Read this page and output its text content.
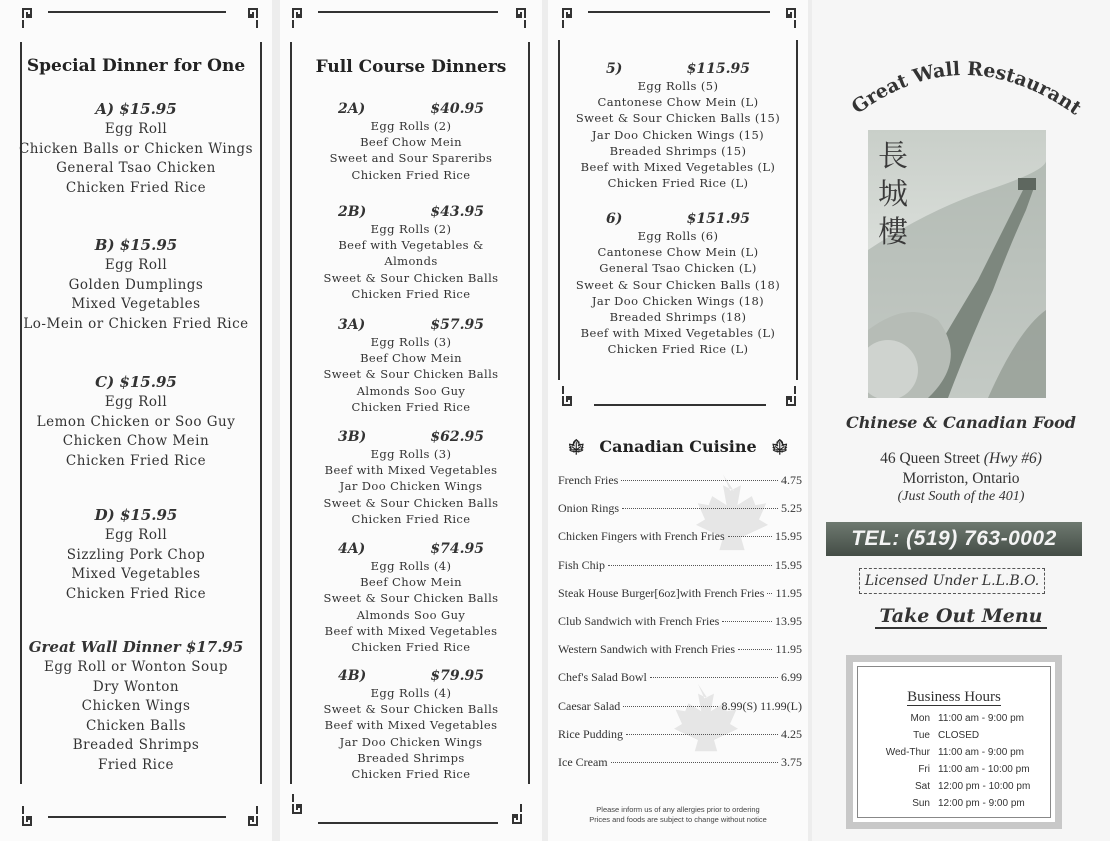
Special Dinner for One
A) $15.95
Egg Roll
Chicken Balls or Chicken Wings
General Tsao Chicken
Chicken Fried Rice
B) $15.95
Egg Roll
Golden Dumplings
Mixed Vegetables
Lo-Mein or Chicken Fried Rice
C) $15.95
Egg Roll
Lemon Chicken or Soo Guy
Chicken Chow Mein
Chicken Fried Rice
D) $15.95
Egg Roll
Sizzling Pork Chop
Mixed Vegetables
Chicken Fried Rice
Great Wall Dinner $17.95
Egg Roll or Wonton Soup
Dry Wonton
Chicken Wings
Chicken Balls
Breaded Shrimps
Fried Rice
Full Course Dinners
2A)	$40.95
Egg Rolls (2)
Beef Chow Mein
Sweet and Sour Spareribs
Chicken Fried Rice
2B)	$43.95
Egg Rolls (2)
Beef with Vegetables &
Almonds
Sweet & Sour Chicken Balls
Chicken Fried Rice
3A)	$57.95
Egg Rolls (3)
Beef Chow Mein
Sweet & Sour Chicken Balls
Almonds Soo Guy
Chicken Fried Rice
3B)	$62.95
Egg Rolls (3)
Beef with Mixed Vegetables
Jar Doo Chicken Wings
Sweet & Sour Chicken Balls
Chicken Fried Rice
4A)	$74.95
Egg Rolls (4)
Beef Chow Mein
Sweet & Sour Chicken Balls
Almonds Soo Guy
Beef with Mixed Vegetables
Chicken Fried Rice
4B)	$79.95
Egg Rolls (4)
Sweet & Sour Chicken Balls
Beef with Mixed Vegetables
Jar Doo Chicken Wings
Breaded Shrimps
Chicken Fried Rice
5)	$115.95
Egg Rolls (5)
Cantonese Chow Mein (L)
Sweet & Sour Chicken Balls (15)
Jar Doo Chicken Wings (15)
Breaded Shrimps (15)
Beef with Mixed Vegetables (L)
Chicken Fried Rice (L)
6)	$151.95
Egg Rolls (6)
Cantonese Chow Mein (L)
General Tsao Chicken (L)
Sweet & Sour Chicken Balls (18)
Jar Doo Chicken Wings (18)
Breaded Shrimps (18)
Beef with Mixed Vegetables (L)
Chicken Fried Rice (L)
🍁︎ Canadian Cuisine 🍁︎
French Fries	4.75
Onion Rings	5.25
Chicken Fingers with French Fries	15.95
Fish Chip	15.95
Steak House Burger[6oz]with French Fries 11.95
Club Sandwich with French Fries	13.95
Western Sandwich with French Fries	11.95
Chef's Salad Bowl	6.99
Caesar Salad	8.99(S) 11.99(L)
Rice Pudding	4.25
Ice Cream	3.75
Please inform us of any allergies prior to ordering
Prices and foods are subject to change without notice
Great Wall Restaurant
長
城
樓
Chinese & Canadian Food
46 Queen Street (Hwy #6)
Morriston, Ontario
(Just South of the 401)
TEL: (519) 763-0002
Licensed Under L.L.B.O.
Take Out Menu
Business Hours
Mon 11:00 am - 9:00 pm
Tue CLOSED
Wed-Thur 11:00 am - 9:00 pm
Fri 11:00 am - 10:00 pm
Sat 12:00 pm - 10:00 pm
Sun 12:00 pm - 9:00 pm
